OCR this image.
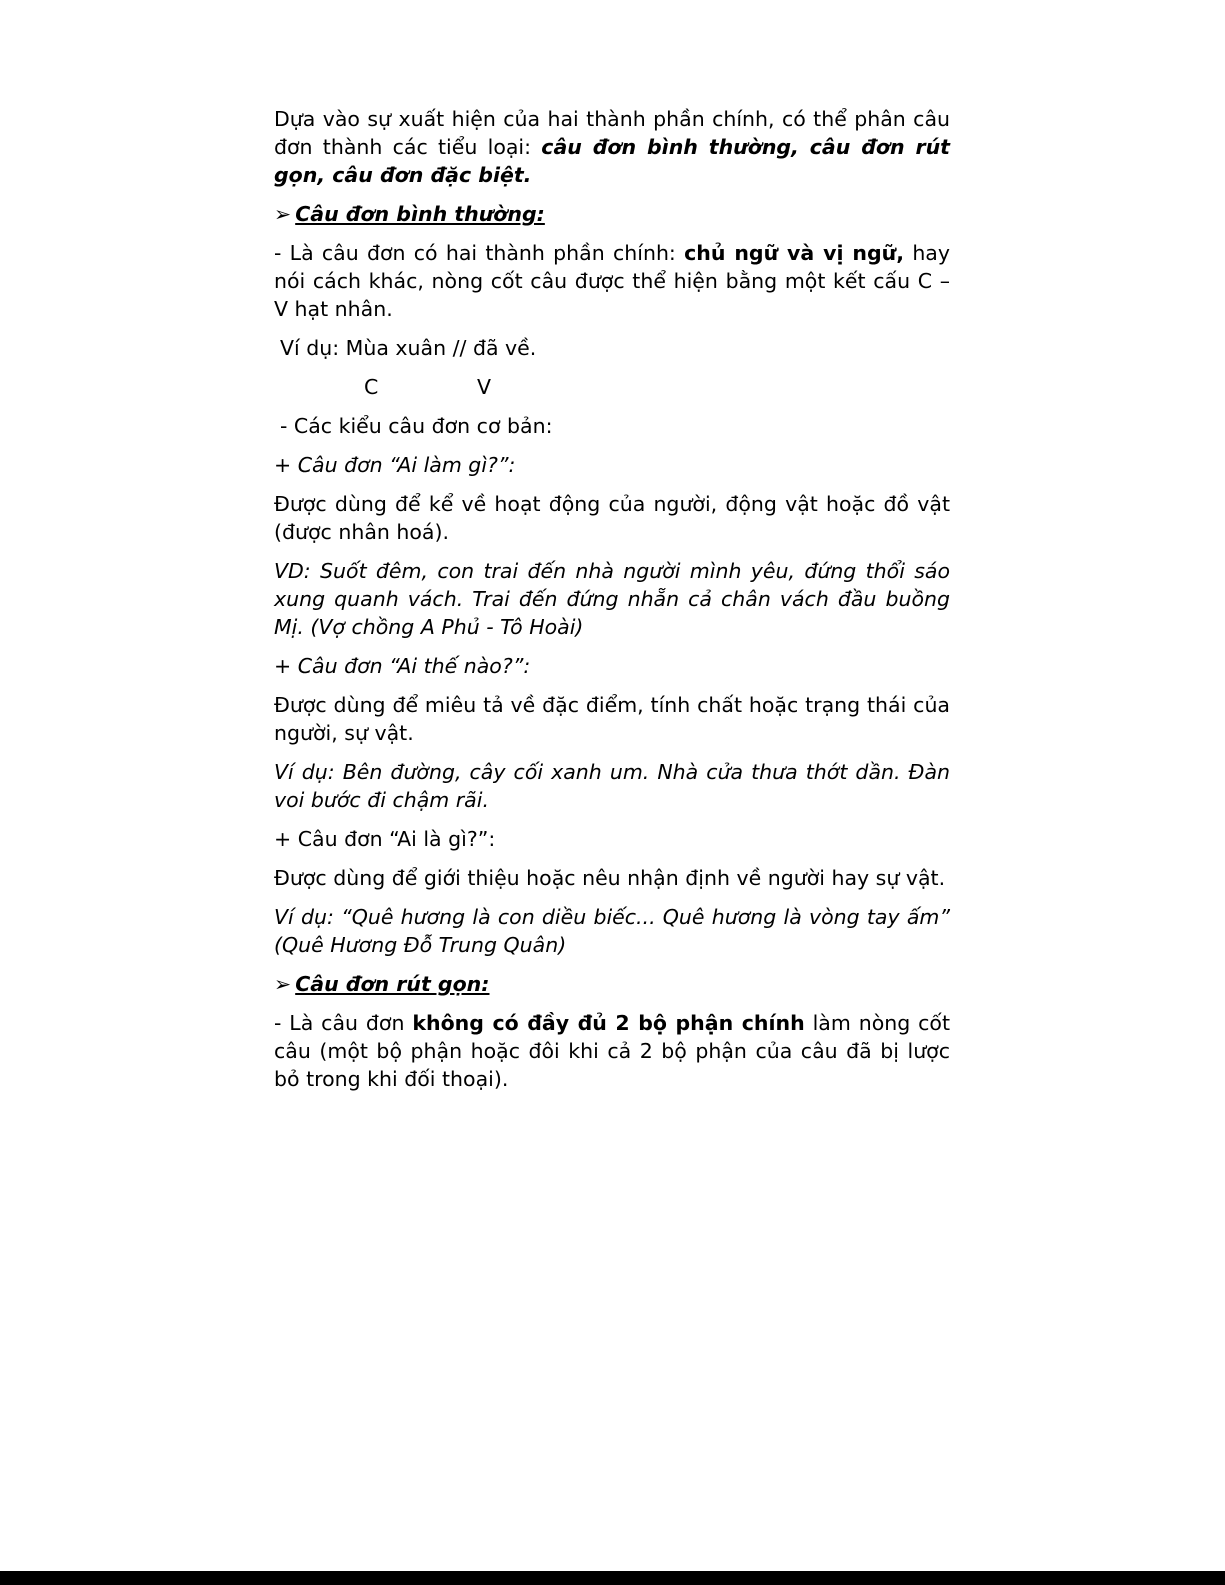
Dựa vào sự xuất hiện của hai thành phần chính, có thể phân câu đơn thành các tiểu loại: câu đơn bình thường, câu đơn rút gọn, câu đơn đặc biệt.

➢ Câu đơn bình thường:

- Là câu đơn có hai thành phần chính: chủ ngữ và vị ngữ, hay nói cách khác, nòng cốt câu được thể hiện bằng một kết cấu C – V hạt nhân.

Ví dụ: Mùa xuân // đã về.

C	V

- Các kiểu câu đơn cơ bản:

+ Câu đơn “Ai làm gì?”:

Được dùng để kể về hoạt động của người, động vật hoặc đồ vật (được nhân hoá).

VD: Suốt đêm, con trai đến nhà người mình yêu, đứng thổi sáo xung quanh vách. Trai đến đứng nhẵn cả chân vách đầu buồng Mị. (Vợ chồng A Phủ - Tô Hoài)

+ Câu đơn “Ai thế nào?”:

Được dùng để miêu tả về đặc điểm, tính chất hoặc trạng thái của người, sự vật.

Ví dụ: Bên đường, cây cối xanh um. Nhà cửa thưa thớt dần. Đàn voi bước đi chậm rãi.

+ Câu đơn “Ai là gì?”:

Được dùng để giới thiệu hoặc nêu nhận định về người hay sự vật.

Ví dụ: “Quê hương là con diều biếc... Quê hương là vòng tay ấm” (Quê Hương Đỗ Trung Quân)

➢ Câu đơn rút gọn:

- Là câu đơn không có đầy đủ 2 bộ phận chính làm nòng cốt câu (một bộ phận hoặc đôi khi cả 2 bộ phận của câu đã bị lược bỏ trong khi đối thoại).
